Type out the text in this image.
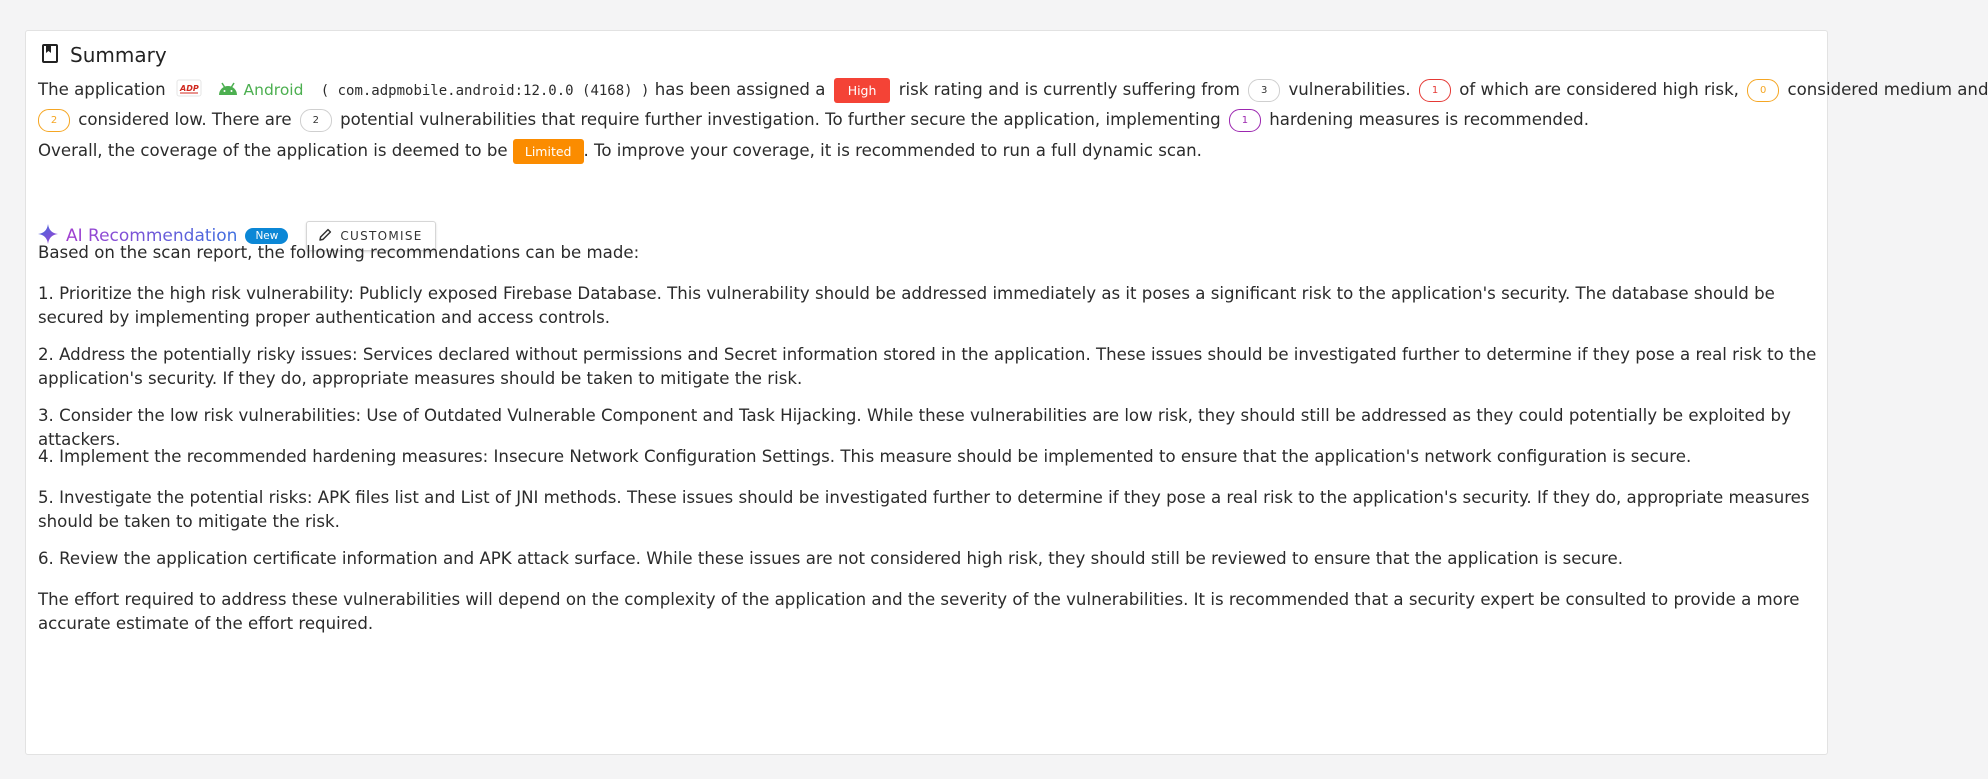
Summary
The application ADP	Android ( com.adpmobile.android:12.0.0 (4168) ) has been assigned a High risk rating and is currently suffering from 3 vulnerabilities. 1 of which are considered high risk, 0 considered medium and
2 considered low. There are 2 potential vulnerabilities that require further investigation. To further secure the application, implementing 1 hardening measures is recommended.
Overall, the coverage of the application is deemed to be Limited . To improve your coverage, it is recommended to run a full dynamic scan.
AI Recommendation	New	CUSTOMISE
Based on the scan report, the following recommendations can be made:
1. Prioritize the high risk vulnerability: Publicly exposed Firebase Database. This vulnerability should be addressed immediately as it poses a significant risk to the application's security. The database should be secured by implementing proper authentication and access controls.
2. Address the potentially risky issues: Services declared without permissions and Secret information stored in the application. These issues should be investigated further to determine if they pose a real risk to the application's security. If they do, appropriate measures should be taken to mitigate the risk.
3. Consider the low risk vulnerabilities: Use of Outdated Vulnerable Component and Task Hijacking. While these vulnerabilities are low risk, they should still be addressed as they could potentially be exploited by attackers.
4. Implement the recommended hardening measures: Insecure Network Configuration Settings. This measure should be implemented to ensure that the application's network configuration is secure.
5. Investigate the potential risks: APK files list and List of JNI methods. These issues should be investigated further to determine if they pose a real risk to the application's security. If they do, appropriate measures should be taken to mitigate the risk.
6. Review the application certificate information and APK attack surface. While these issues are not considered high risk, they should still be reviewed to ensure that the application is secure.
The effort required to address these vulnerabilities will depend on the complexity of the application and the severity of the vulnerabilities. It is recommended that a security expert be consulted to provide a more accurate estimate of the effort required.
